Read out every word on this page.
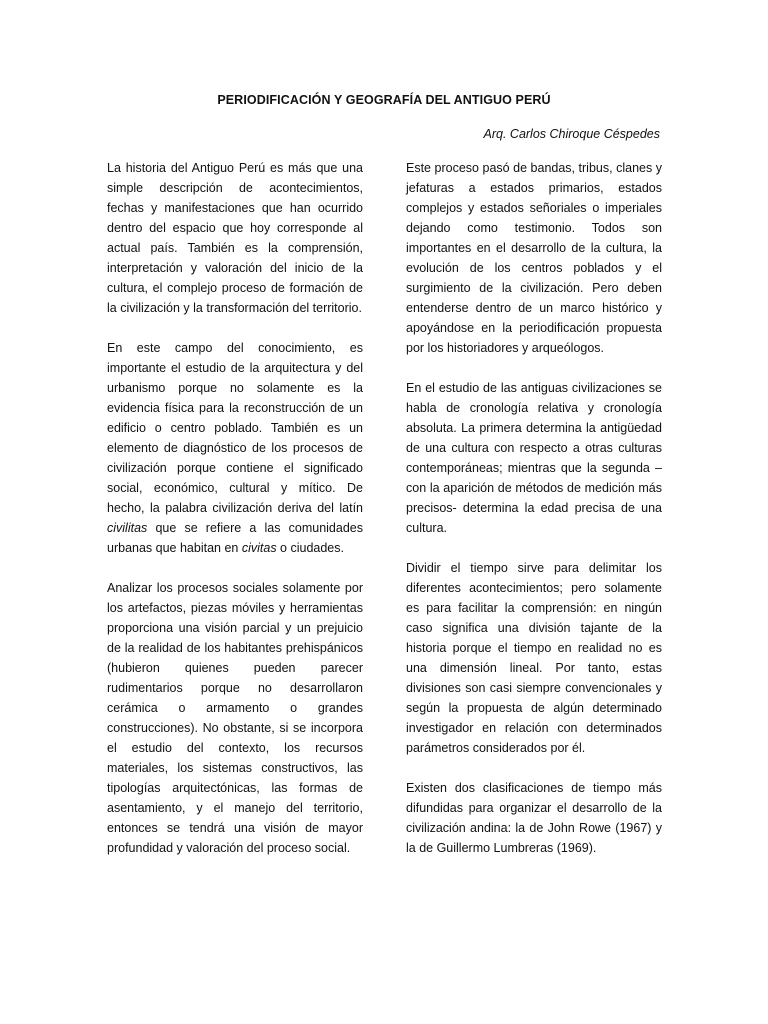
PERIODIFICACIÓN Y GEOGRAFÍA DEL ANTIGUO PERÚ

Arq. Carlos Chiroque Céspedes

La historia del Antiguo Perú es más que una simple descripción de acontecimientos, fechas y manifestaciones que han ocurrido dentro del espacio que hoy corresponde al actual país. También es la comprensión, interpretación y valoración del inicio de la cultura, el complejo proceso de formación de la civilización y la transformación del territorio.

En este campo del conocimiento, es importante el estudio de la arquitectura y del urbanismo porque no solamente es la evidencia física para la reconstrucción de un edificio o centro poblado. También es un elemento de diagnóstico de los procesos de civilización porque contiene el significado social, económico, cultural y mítico. De hecho, la palabra civilización deriva del latín civilitas que se refiere a las comunidades urbanas que habitan en civitas o ciudades.

Analizar los procesos sociales solamente por los artefactos, piezas móviles y herramientas proporciona una visión parcial y un prejuicio de la realidad de los habitantes prehispánicos (hubieron quienes pueden parecer rudimentarios porque no desarrollaron cerámica o armamento o grandes construcciones). No obstante, si se incorpora el estudio del contexto, los recursos materiales, los sistemas constructivos, las tipologías arquitectónicas, las formas de asentamiento, y el manejo del territorio, entonces se tendrá una visión de mayor profundidad y valoración del proceso social.

Este proceso pasó de bandas, tribus, clanes y jefaturas a estados primarios, estados complejos y estados señoriales o imperiales dejando como testimonio. Todos son importantes en el desarrollo de la cultura, la evolución de los centros poblados y el surgimiento de la civilización. Pero deben entenderse dentro de un marco histórico y apoyándose en la periodificación propuesta por los historiadores y arqueólogos.

En el estudio de las antiguas civilizaciones se habla de cronología relativa y cronología absoluta. La primera determina la antigüedad de una cultura con respecto a otras culturas contemporáneas; mientras que la segunda –con la aparición de métodos de medición más precisos- determina la edad precisa de una cultura.

Dividir el tiempo sirve para delimitar los diferentes acontecimientos; pero solamente es para facilitar la comprensión: en ningún caso significa una división tajante de la historia porque el tiempo en realidad no es una dimensión lineal. Por tanto, estas divisiones son casi siempre convencionales y según la propuesta de algún determinado investigador en relación con determinados parámetros considerados por él.

Existen dos clasificaciones de tiempo más difundidas para organizar el desarrollo de la civilización andina: la de John Rowe (1967) y la de Guillermo Lumbreras (1969).
